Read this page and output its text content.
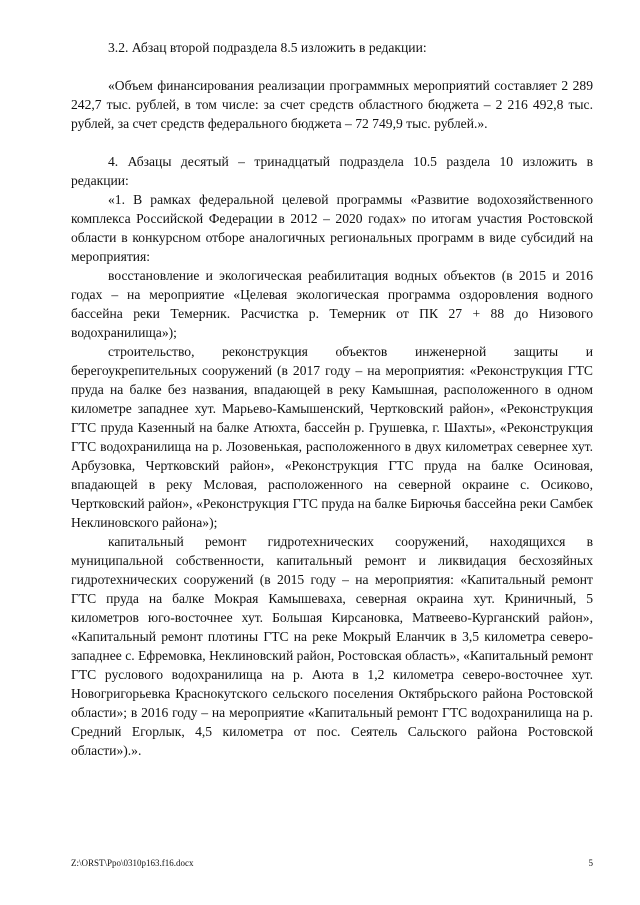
3.2. Абзац второй подраздела 8.5 изложить в редакции:

«Объем финансирования реализации программных мероприятий составляет 2 289 242,7 тыс. рублей, в том числе: за счет средств областного бюджета – 2 216 492,8 тыс. рублей, за счет средств федерального бюджета – 72 749,9 тыс. рублей.».

4. Абзацы десятый – тринадцатый подраздела 10.5 раздела 10 изложить в редакции:

«1. В рамках федеральной целевой программы «Развитие водохозяйственного комплекса Российской Федерации в 2012 – 2020 годах» по итогам участия Ростовской области в конкурсном отборе аналогичных региональных программ в виде субсидий на мероприятия:

восстановление и экологическая реабилитация водных объектов (в 2015 и 2016 годах – на мероприятие «Целевая экологическая программа оздоровления водного бассейна реки Темерник. Расчистка р. Темерник от ПК 27 + 88 до Низового водохранилища»);

строительство, реконструкция объектов инженерной защиты и берегоукрепительных сооружений (в 2017 году – на мероприятия: «Реконструкция ГТС пруда на балке без названия, впадающей в реку Камышная, расположенного в одном километре западнее хут. Марьево-Камышенский, Чертковский район», «Реконструкция ГТС пруда Казенный на балке Атюхта, бассейн р. Грушевка, г. Шахты», «Реконструкция ГТС водохранилища на р. Лозовенькая, расположенного в двух километрах севернее хут. Арбузовка, Чертковский район», «Реконструкция ГТС пруда на балке Осиновая, впадающей в реку Мсловая, расположенного на северной окраине с. Осиково, Чертковский район», «Реконструкция ГТС пруда на балке Бирючья бассейна реки Самбек Неклиновского района»);

капитальный ремонт гидротехнических сооружений, находящихся в муниципальной собственности, капитальный ремонт и ликвидация бесхозяйных гидротехнических сооружений (в 2015 году – на мероприятия: «Капитальный ремонт ГТС пруда на балке Мокрая Камышеваха, северная окраина хут. Криничный, 5 километров юго-восточнее хут. Большая Кирсановка, Матвеево-Курганский район», «Капитальный ремонт плотины ГТС на реке Мокрый Еланчик в 3,5 километра северо-западнее с. Ефремовка, Неклиновский район, Ростовская область», «Капитальный ремонт ГТС руслового водохранилища на р. Аюта в 1,2 километра северо-восточнее хут. Новогригорьевка Краснокутского сельского поселения Октябрьского района Ростовской области»; в 2016 году – на мероприятие «Капитальный ремонт ГТС водохранилища на р. Средний Егорлык, 4,5 километра от пос. Сеятель Сальского района Ростовской области»).».

Z:\ORST\Ppo\0310p163.f16.docx	5
